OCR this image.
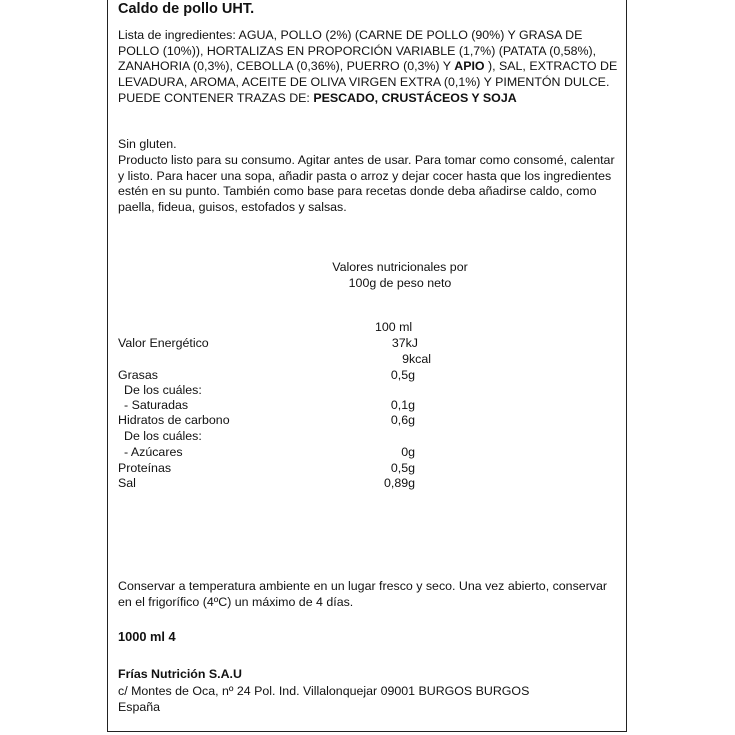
Caldo de pollo UHT.
Lista de ingredientes: AGUA, POLLO (2%) (CARNE DE POLLO (90%) Y GRASA DE POLLO (10%)), HORTALIZAS EN PROPORCIÓN VARIABLE (1,7%) (PATATA (0,58%), ZANAHORIA (0,3%), CEBOLLA (0,36%), PUERRO (0,3%) Y APIO ), SAL, EXTRACTO DE LEVADURA, AROMA, ACEITE DE OLIVA VIRGEN EXTRA (0,1%) Y PIMENTÓN DULCE. PUEDE CONTENER TRAZAS DE: PESCADO, CRUSTÁCEOS Y SOJA
Sin gluten.
Producto listo para su consumo. Agitar antes de usar. Para tomar como consomé, calentar y listo. Para hacer una sopa, añadir pasta o arroz y dejar cocer hasta que los ingredientes estén en su punto. También como base para recetas donde deba añadirse caldo, como paella, fideua, guisos, estofados y salsas.
Valores nutricionales por
100g de peso neto
100 ml
Valor Energético	37kJ
9kcal
Grasas	0,5g
De los cuáles:
- Saturadas	0,1g
Hidratos de carbono	0,6g
De los cuáles:
- Azúcares	0g
Proteínas	0,5g
Sal	0,89g
Conservar a temperatura ambiente en un lugar fresco y seco. Una vez abierto, conservar en el frigorífico (4ºC) un máximo de 4 días.
1000 ml 4
Frías Nutrición S.A.U
c/ Montes de Oca, nº 24 Pol. Ind. Villalonquejar 09001 BURGOS BURGOS
España
